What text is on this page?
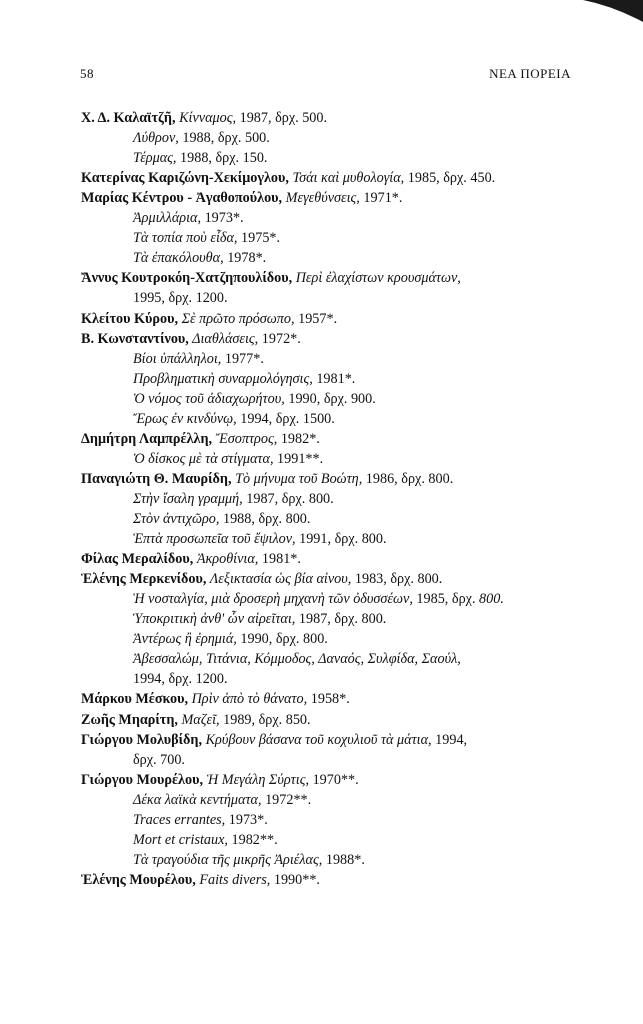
58	ΝΕΑ ΠΟΡΕΙΑ
Χ. Δ. Καλαϊτζῆ, Κίνναμος, 1987, δρχ. 500.
Λύθρον, 1988, δρχ. 500.
Τέρμας, 1988, δρχ. 150.
Κατερίνας Καριζώνη-Χεκίμογλου, Τσάι καὶ μυθολογία, 1985, δρχ. 450.
Μαρίας Κέντρου - Ἀγαθοπούλου, Μεγεθύνσεις, 1971*.
Ἀρμιλλάρια, 1973*.
Τὰ τοπία ποὺ εἶδα, 1975*.
Τὰ ἐπακόλουθα, 1978*.
Ἄννυς Κουτροκόη-Χατζηπουλίδου, Περὶ ἐλαχίστων κρουσμάτων,
1995, δρχ. 1200.
Κλείτου Κύρου, Σὲ πρῶτο πρόσωπο, 1957*.
Β. Κωνσταντίνου, Διαθλάσεις, 1972*.
Βίοι ὑπάλληλοι, 1977*.
Προβληματικὴ συναρμολόγησις, 1981*.
Ὁ νόμος τοῦ ἀδιαχωρήτου, 1990, δρχ. 900.
Ἔρως ἐν κινδύνῳ, 1994, δρχ. 1500.
Δημήτρη Λαμπρέλλη, Ἔσοπτρος, 1982*.
Ὁ δίσκος μὲ τὰ στίγματα, 1991**.
Παναγιώτη Θ. Μαυρίδη, Τὸ μήνυμα τοῦ Βοώτη, 1986, δρχ. 800.
Στὴν ἴσαλη γραμμή, 1987, δρχ. 800.
Στὸν ἀντιχῶρο, 1988, δρχ. 800.
Ἑπτὰ προσωπεῖα τοῦ ἔψιλον, 1991, δρχ. 800.
Φίλας Μεραλίδου, Ἀκροθίνια, 1981*.
Ἑλένης Μερκενίδου, Λεξικτασία ὡς βία αἰνου, 1983, δρχ. 800.
Ἡ νοσταλγία, μιὰ δροσερὴ μηχανὴ τῶν ὀδυσσέων, 1985, δρχ. 800.
Ὑποκριτικὴ ἀνθ' ὧν αἱρεῖται, 1987, δρχ. 800.
Ἀντέρως ἢ ἐρημιά, 1990, δρχ. 800.
Ἀβεσσαλώμ, Τιτάνια, Κόμμοδος, Δαναός, Συλφίδα, Σαούλ,
1994, δρχ. 1200.
Μάρκου Μέσκου, Πρὶν ἀπὸ τὸ θάνατο, 1958*.
Ζωῆς Μηαρίτη, Μαζεῖ, 1989, δρχ. 850.
Γιώργου Μολυβίδη, Κρύβουν βάσανα τοῦ κοχυλιοῦ τὰ μάτια, 1994,
δρχ. 700.
Γιώργου Μουρέλου, Ἡ Μεγάλη Σύρτις, 1970**.
Δέκα λαϊκὰ κεντήματα, 1972**.
Traces errantes, 1973*.
Mort et cristaux, 1982**.
Τὰ τραγούδια τῆς μικρῆς Ἀριέλας, 1988*.
Ἑλένης Μουρέλου, Faits divers, 1990**.
